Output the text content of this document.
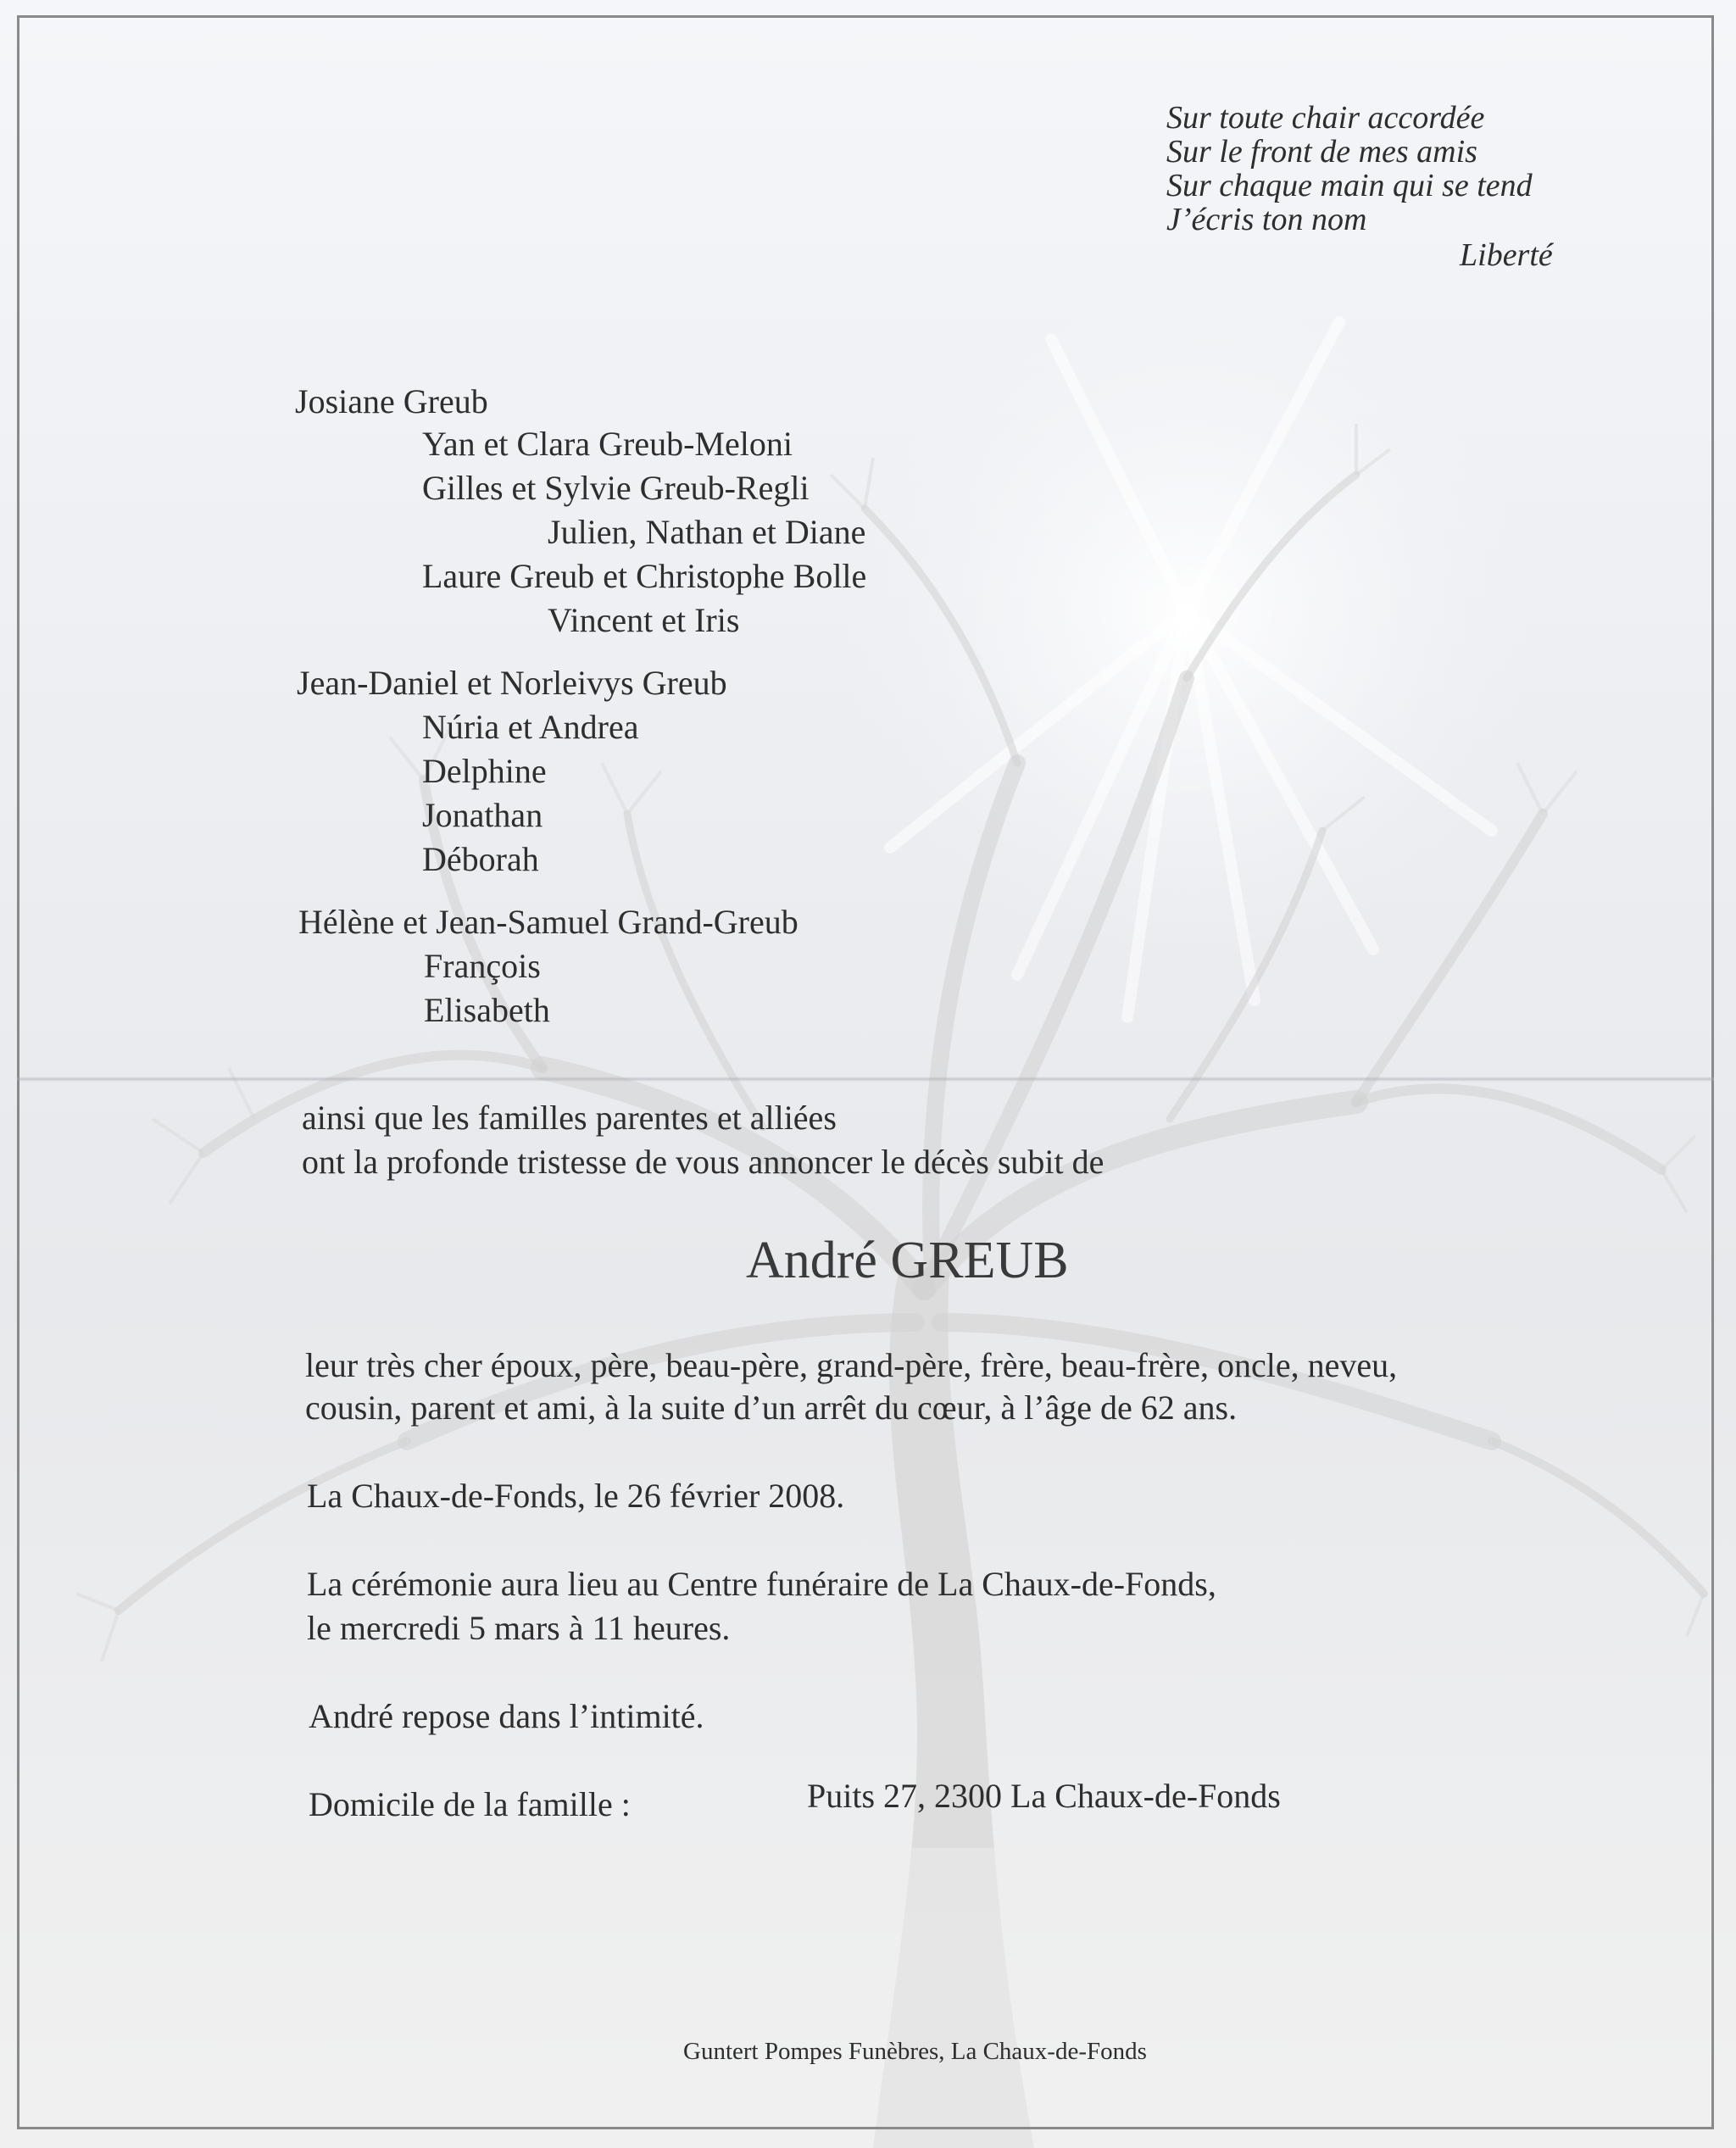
Sur toute chair accordée
Sur le front de mes amis
Sur chaque main qui se tend
J’écris ton nom
Liberté
Josiane Greub
Yan et Clara Greub-Meloni
Gilles et Sylvie Greub-Regli
Julien, Nathan et Diane
Laure Greub et Christophe Bolle
Vincent et Iris
Jean-Daniel et Norleivys Greub
Núria et Andrea
Delphine
Jonathan
Déborah
Hélène et Jean-Samuel Grand-Greub
François
Elisabeth
ainsi que les familles parentes et alliées
ont la profonde tristesse de vous annoncer le décès subit de
André GREUB
leur très cher époux, père, beau-père, grand-père, frère, beau-frère, oncle, neveu,
cousin, parent et ami, à la suite d’un arrêt du cœur, à l’âge de 62 ans.
La Chaux-de-Fonds, le 26 février 2008.
La cérémonie aura lieu au Centre funéraire de La Chaux-de-Fonds,
le mercredi 5 mars à 11 heures.
André repose dans l’intimité.
Domicile de la famille :	Puits 27, 2300 La Chaux-de-Fonds
Guntert Pompes Funèbres, La Chaux-de-Fonds
